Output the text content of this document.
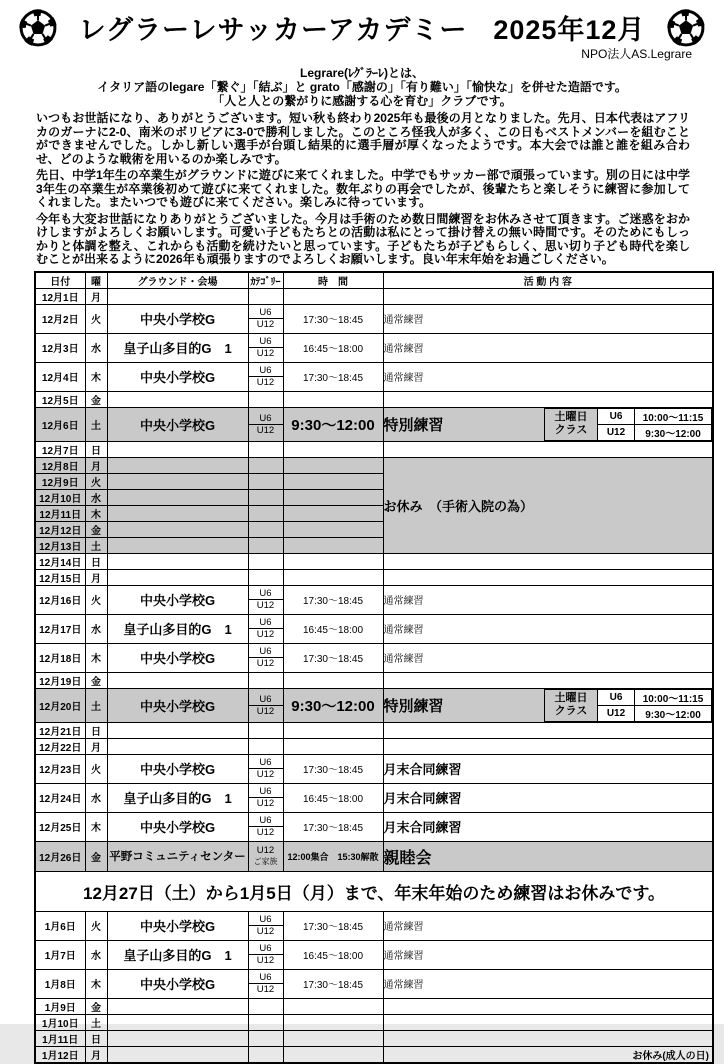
レグラーレサッカーアカデミー 2025年12月
NPO法人AS.Legrare
Legrare(ﾚｸﾞﾗｰﾚ)とは、
イタリア語のlegare「繋ぐ」「結ぶ」と grato「感謝の」「有り難い」「愉快な」を併せた造語です。
「人と人との繋がりに感謝する心を育む」クラブです。

いつもお世話になり、ありがとうございます。短い秋も終わり2025年も最後の月となりました。先月、日本代表はアフリカのガーナに2-0、南米のボリビアに3-0で勝利しました。このところ怪我人が多く、この日もベストメンバーを組むことができませんでした。しかし新しい選手が台頭し結果的に選手層が厚くなったようです。本大会では誰と誰を組み合わせ、どのような戦術を用いるのか楽しみです。

先日、中学1年生の卒業生がグラウンドに遊びに来てくれました。中学でもサッカー部で頑張っています。別の日には中学3年生の卒業生が卒業後初めて遊びに来てくれました。数年ぶりの再会でしたが、後輩たちと楽しそうに練習に参加してくれました。またいつでも遊びに来てください。楽しみに待っています。

今年も大変お世話になりありがとうございました。今月は手術のため数日間練習をお休みさせて頂きます。ご迷惑をおかけしますがよろしくお願いします。可愛い子どもたちとの活動は私にとって掛け替えの無い時間です。そのためにもしっかりと体調を整え、これからも活動を続けたいと思っています。子どもたちが子どもらしく、思い切り子ども時代を楽しむことが出来るように2026年も頑張りますのでよろしくお願いします。良い年末年始をお過ごしください。

日付	曜	グラウンド・会場	ｶﾃｺﾞﾘｰ	時　間	活 動 内 容
12月1日	月				
12月2日	火	中央小学校G	U6
U12	17:30～18:45	通常練習
12月3日	水	皇子山多目的G　1	U6
U12	16:45～18:00	通常練習
12月4日	木	中央小学校G	U6
U12	17:30～18:45	通常練習
12月5日	金				
12月6日	土	中央小学校G	U6
U12	9:30～12:00	特別練習	土曜日
クラス	U6	10:00～11:15
U12	9:30～12:00

12月7日	日				
12月8日	月				お休み　（手術入院の為）
12月9日	火			
12月10日	水			
12月11日	木			
12月12日	金			
12月13日	土			
12月14日	日				
12月15日	月				
12月16日	火	中央小学校G	U6
U12	17:30～18:45	通常練習
12月17日	水	皇子山多目的G　1	U6
U12	16:45～18:00	通常練習
12月18日	木	中央小学校G	U6
U12	17:30～18:45	通常練習
12月19日	金				
12月20日	土	中央小学校G	U6
U12	9:30～12:00	特別練習	土曜日
クラス	U6	10:00～11:15
U12	9:30～12:00

12月21日	日				
12月22日	月				
12月23日	火	中央小学校G	U6
U12	17:30～18:45	月末合同練習
12月24日	水	皇子山多目的G　1	U6
U12	16:45～18:00	月末合同練習
12月25日	木	中央小学校G	U6
U12	17:30～18:45	月末合同練習
12月26日	金	平野コミュニティセンター	
U12
ご家族	12:00集合　15:30解散	親睦会
12月27日（土）から1月5日（月）まで、年末年始のため練習はお休みです。
1月6日	火	中央小学校G	U6
U12	17:30～18:45	通常練習
1月7日	水	皇子山多目的G　1	U6
U12	16:45～18:00	通常練習
1月8日	木	中央小学校G	U6
U12	17:30～18:45	通常練習
1月9日	金				
1月10日	土				
1月11日	日				
1月12日	月				お休み(成人の日)
